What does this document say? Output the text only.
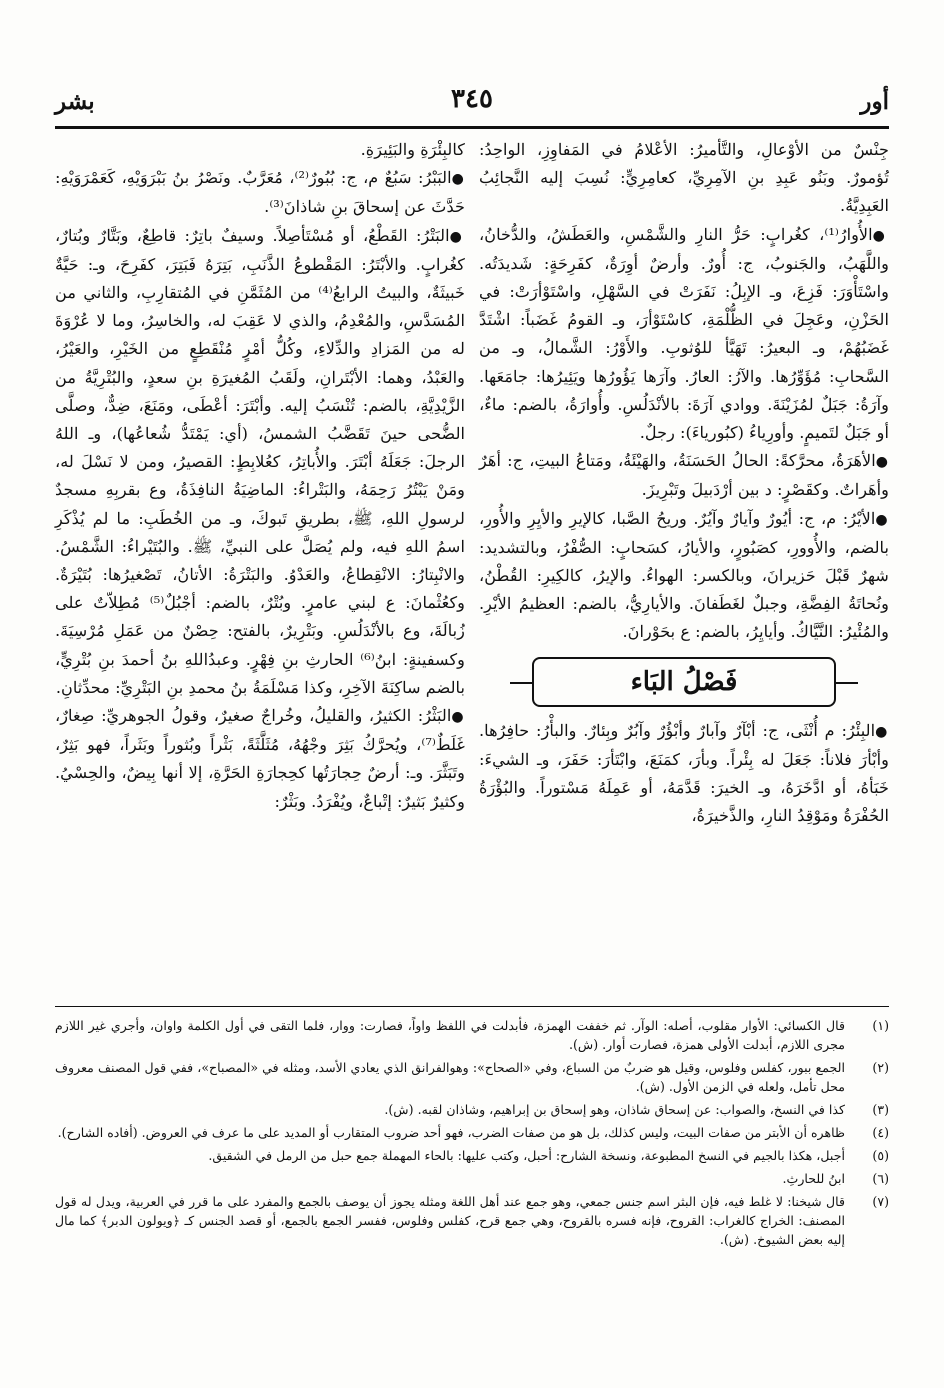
أور
٣٤٥
بشر

جِنْسٌ من الأوْعالِ، والتَّأميرُ: الأعْلامُ في المَفاوِزِ، الواحِدُ: تُؤمورٌ. وبَنُو عَبِدِ بنِ الآمِرِيِّ، كعامِرِيٍّ: نُسِبَ إليه النَّجائِبُ العَبِدِيَّةُ.

●الأُوارُ⁽¹⁾، كغُرابٍ: حَرُّ النارِ والشَّمْسِ، والعَطَشُ، والدُّخانُ، واللَّهَبُ، والجَنوبُ، ج: أُورٌ. وأرضٌ أوِرَةٌ، كفَرِحَةٍ: شَديدَتُه. واسْتَأْوَرَ: فَزِعَ، وـ الإبِلُ: نَفَرَتْ في السَّهْلِ، واسْتَوْأرَتْ: في الحَزْنِ، وعَجِلَ في الظُّلْمَةِ، كاسْتَوْأرَ، وـ القومُ غَضَباً: اشْتَدَّ غَضَبُهُمْ، وـ البعيرُ: تَهَيَّأ للوُثوبِ. والأَوْرُ: الشَّمالُ، وـ من السَّحابِ: مُؤَوِّرُها. والآرُ: العارُ. وآرَها يَؤُورُها ويَئِيرُها: جامَعَها. وآرَةُ: جَبَلٌ لمُزَيْنَةَ. ووادي آرَةَ: بالأنْدَلُسِ. وأُوارَةُ، بالضم: ماءٌ، أو جَبَلٌ لتَميمٍ. وأورِياءُ (كبُورياءَ): رجلٌ.

●الأهَرَةُ، محرَّكةً: الحالُ الحَسَنَةُ، والهَيْئَةُ، ومَتاعُ البيتِ، ج: أهَرٌ وأهَراتٌ. وكقَصْرٍ: د بين أرْدَبيلَ وتَبْرِيزَ.

●الأيْرُ: م، ج: أيُورٌ وآيارٌ وآيُرٌ. وريحُ الصَّبا، كالإيرِ والأيِرِ والأُورِ، بالضم، والأُوورِ، كصَبُورٍ، والأيارُ، كسَحابٍ: الصُّفْرُ، وبالتشديد: شهرٌ قَبْلَ حَزيرانَ، وبالكسر: الهواءُ. والإيرُ، كالكِيرِ: القُطْنُ، ونُحاتَةُ الفِضَّةِ، وجبلٌ لغَطَفانَ. والأيارِيُّ، بالضم: العظيمُ الأيْرِ. والمُئْيرُ: النَّيَّاكُ. وأيايِرُ، بالضم: ع بحَوْرانَ.

فَصْلُ البَاء

●البِئْرُ: م أُنْثَى، ج: أبْآرٌ وآبارٌ وأبْؤُرٌ وآبُرٌ وبِئارٌ. والبأْرُ: حافِرُها. وأبْأرَ فلاناً: جَعَلَ له بِئْراً. وبأرَ، كمَنَعَ، وابْتَأرَ: حَفَرَ، وـ الشيءَ: خَبَأهُ، أو ادَّخَرَهُ، وـ الخيرَ: قَدَّمَهُ، أو عَمِلَهُ مَسْتوراً. والبُؤْرَةُ الحُفْرَةُ ومَوْقِدُ النارِ، والذَّخيرَةُ،

كالبِئْرَةِ والبَئِيرَةِ.

●البَبْرُ: سَبُعٌ م، ج: بُبُورٌ⁽²⁾، مُعَرَّبٌ. ونَصْرُ بنُ بَبْرَوَيْهِ، كَعَمْرَوَيْهِ: حَدَّثَ عن إسحاقَ بنِ شاذانَ⁽³⁾.

●البَتْرُ: القَطْعُ، أو مُسْتَأصِلاً. وسيفٌ باتِرٌ: قاطِعٌ، وبَتَّارٌ وبُتارٌ، كغُرابٍ. والأبْتَرُ: المَقْطوعُ الذَّنَبِ، بَتِرَهُ فَبَتِرَ، كفَرِحَ، وـ: حَيَّةٌ خَبيثَةٌ، والبيتُ الرابعُ⁽⁴⁾ من المُثَمَّنِ في المُتقارِبِ، والثاني من المُسَدَّسِ، والمُعْدِمُ، والذي لا عَقِبَ له، والخاسِرُ، وما لا عُرْوَةَ له من المَزادِ والدِّلاءِ، وكُلُّ أمْرٍ مُنْقَطِعٍ من الخَيْرِ، والعَيْرُ، والعَبْدُ، وهما: الأبْتَرانِ، ولَقَبُ المُغيرَةِ بنِ سعدٍ، والبُتْرِيَّةُ من الزَّيْدِيَّةِ، بالضم: تُنْسَبُ إليه. وأبْتَرَ: أعْطَى، ومَنَعَ، ضِدٌّ، وصلَّى الضُّحى حينَ تَقَضَّبُ الشمسُ، (أي: يَمْتَدُّ شُعاعُها)، وـ اللهُ الرجلَ: جَعَلَهُ أبْتَرَ. والأُباتِرُ، كعُلابِطٍ: القصيرُ، ومن لا نَسْلَ له، ومَنْ يَبْتُرُ رَحِمَهُ، والبَتْراءُ: الماضِيَةُ النافِذَةُ، وع بقربِهِ مسجدٌ لرسولِ اللهِ، ﷺ، بطريقِ تَبوكَ، وـ من الخُطَبِ: ما لم يُذْكَرِ اسمُ اللهِ فيه، ولم يُصَلَّ على النبيِّ، ﷺ. والبُتَيْراءُ: الشَّمْسُ. والانْبِتارُ: الانْقِطاعُ، والعَدْوُ. والبَتْرَةُ: الأتانُ، تَصْغيرُها: بُتَيْرَةٌ. وكعُثْمانَ: ع لبني عامرٍ. وبُتْرٌ، بالضم: أجْبُلٌ⁽⁵⁾ مُطِلاّتٌ على زُبالَةَ، وع بالأنْدَلُسِ. وبَتْرِيرٌ، بالفتح: حِصْنٌ من عَمَلِ مُرْسِيَةَ. وكسفينةٍ: ابنُ⁽⁶⁾ الحارثِ بنِ فِهْرٍ. وعبدُاللهِ بنُ أحمدَ بنِ بُتْرِيٍّ، بالضم ساكِنَةَ الآخِرِ، وكذا مَسْلَمَةُ بنُ محمدِ بنِ البَتْرِيِّ: محدِّثانِ.

●البَثْرُ: الكثيرُ، والقليلُ، وخُراجٌ صغيرٌ، وقولُ الجوهريِّ: صِغارٌ، غَلَطٌ⁽⁷⁾، ويُحرَّكُ بَثِرَ وجْهُهُ، مُثَلَّثَةً، بَثْراً وبُثوراً وبَثَراً، فهو بَثِرٌ، وتَبَثَّرَ. وـ: أرضٌ حِجارَتُها كحِجارَةِ الحَرَّةِ، إلا أنها بِيضٌ، والحِسْيُ. وكثيرٌ بَثيرٌ: إتْباعٌ، ويُفْرَدُ. وبَثْرٌ:

(١)
قال الكسائي: الأوار مقلوب، أصله: الوآر. ثم خففت الهمزة، فأبدلت في اللفظ واواً، فصارت: ووار، فلما التقى في أول الكلمة واوان، وأجري غير اللازم مجرى اللازم، أبدلت الأولى همزة، فصارت أوار. (ش).
(٢)
الجمع ببور، كفلس وفلوس، وقيل هو ضربٌ من السباع، وفي «الصحاح»: وهوالفرانق الذي يعادي الأسد، ومثله في «المصباح»، ففي قول المصنف معروف محل تأمل، ولعله في الزمن الأول. (ش).
(٣)
كذا في النسخ، والصواب: عن إسحاق شاذان، وهو إسحاق بن إبراهيم، وشاذان لقبه. (ش).
(٤)
ظاهره أن الأبتر من صفات البيت، وليس كذلك، بل هو من صفات الضرب، فهو أحد ضروب المتقارب أو المديد على ما عرف في العروض. (أفاده الشارح).
(٥)
أجبل، هكذا بالجيم في النسخ المطبوعة، ونسخة الشارح: أحبل، وكتب عليها: بالحاء المهملة جمع حبل من الرمل في الشقيق.
(٦)
ابنُ للحارثِ.
(٧)
قال شيخنا: لا غلط فيه، فإن البثر اسم جنس جمعي، وهو جمع عند أهل اللغة ومثله يجوز أن يوصف بالجمع والمفرد على ما قرر في العربية، ويدل له قول المصنف: الخراج كالغراب: القروح، فإنه فسره بالقروح، وهي جمع قرح، كفلس وفلوس، ففسر الجمع بالجمع، أو قصد الجنس كـ ﴿ويولون الدبر﴾ كما مال إليه بعض الشيوخ. (ش).
